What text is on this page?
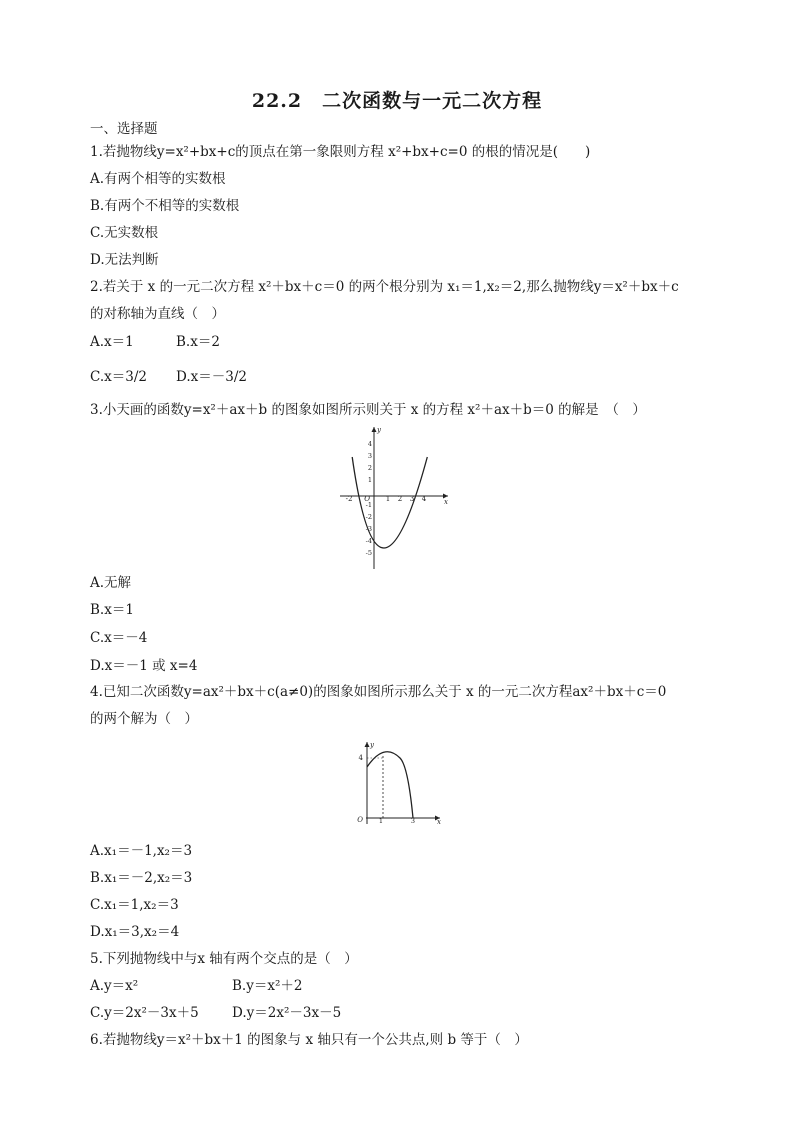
22.2　二次函数与一元二次方程
一、选择题
1.若抛物线y=x²+bx+c的顶点在第一象限则方程 x²+bx+c=0 的根的情况是(　　)
A.有两个相等的实数根
B.有两个不相等的实数根
C.无实数根
D.无法判断
2.若关于 x 的一元二次方程 x²＋bx＋c＝0 的两个根分别为 x₁＝1,x₂＝2,那么抛物线y＝x²＋bx＋c
的对称轴为直线（　）
A.x＝1	B.x＝2
C.x＝3/2 D.x＝－3/2
3.小天画的函数y=x²＋ax＋b 的图象如图所示则关于 x 的方程 x²＋ax＋b＝0 的解是　（　）
-2	1 2 3 4
O	x
y
4
3
2
1
-1
-2
-3
-4
-5
A.无解
B.x＝1
C.x＝－4
D.x＝－1 或 x=4
4.已知二次函数y=ax²＋bx＋c(a≠0)的图象如图所示那么关于 x 的一元二次方程ax²＋bx＋c＝0
的两个解为（　）
4
O 1	3	x
y
A.x₁＝－1,x₂＝3
B.x₁＝－2,x₂＝3
C.x₁＝1,x₂＝3
D.x₁＝3,x₂＝4
5.下列抛物线中与x 轴有两个交点的是（　）
A.y＝x²	B.y＝x²＋2
C.y＝2x²－3x＋5 D.y＝2x²－3x－5
6.若抛物线y＝x²＋bx＋1 的图象与 x 轴只有一个公共点,则 b 等于（　）
